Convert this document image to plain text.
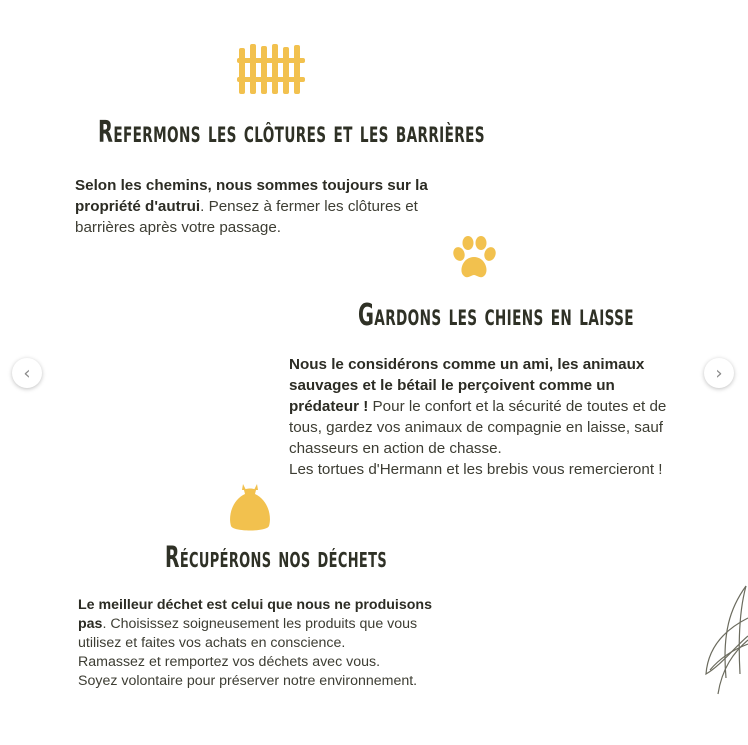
‹	›
Refermons les clôtures et les barrières
Selon les chemins, nous sommes toujours sur la propriété d'autrui. Pensez à fermer les clôtures et barrières après votre passage.
Gardons les chiens en laisse
Nous le considérons comme un ami, les animaux sauvages et le bétail le perçoivent comme un prédateur ! Pour le confort et la sécurité de toutes et de tous, gardez vos animaux de compagnie en laisse, sauf chasseurs en action de chasse.
Les tortues d'Hermann et les brebis vous remercieront !
Récupérons nos déchets
Le meilleur déchet est celui que nous ne produisons pas. Choisissez soigneusement les produits que vous utilisez et faites vos achats en conscience.
Ramassez et remportez vos déchets avec vous.
Soyez volontaire pour préserver notre environnement.
